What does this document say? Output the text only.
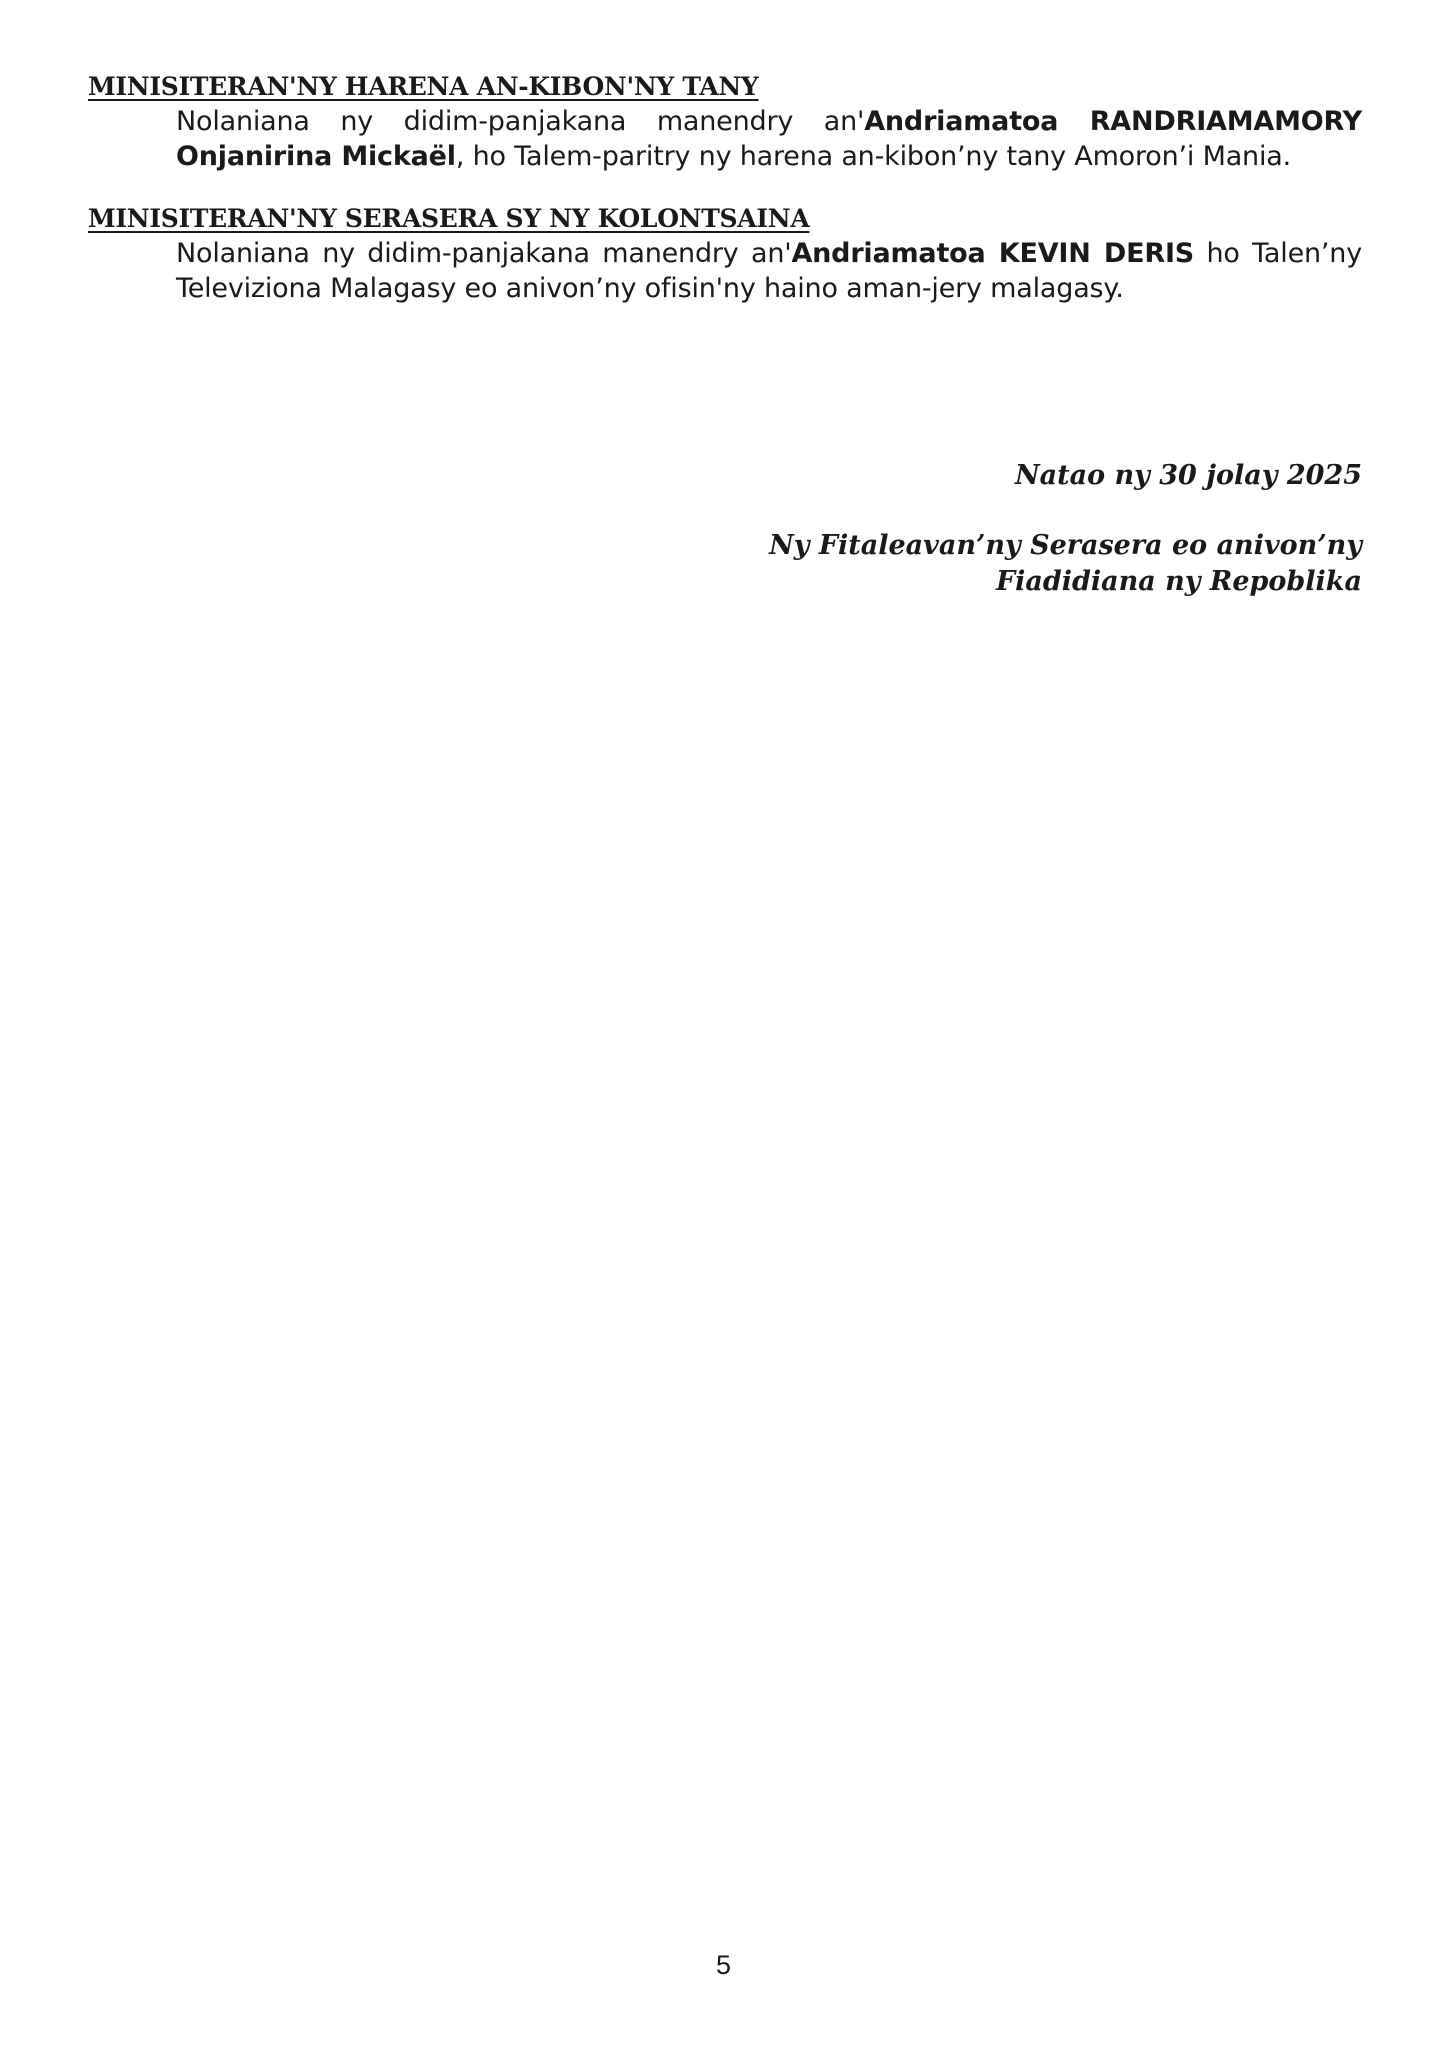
MINISITERAN'NY HARENA AN-KIBON'NY TANY

Nolaniana ny didim-panjakana manendry an'Andriamatoa RANDRIAMAMORY Onjanirina Mickaël, ho Talem-paritry ny harena an-kibon’ny tany Amoron’i Mania.

MINISITERAN'NY SERASERA SY NY KOLONTSAINA

Nolaniana ny didim-panjakana manendry an'Andriamatoa KEVIN DERIS ho Talen’ny Televiziona Malagasy eo anivon’ny ofisin'ny haino aman-jery malagasy.

Natao ny 30 jolay 2025
Ny Fitaleavan’ny Serasera eo anivon’ny
Fiadidiana ny Repoblika
5
